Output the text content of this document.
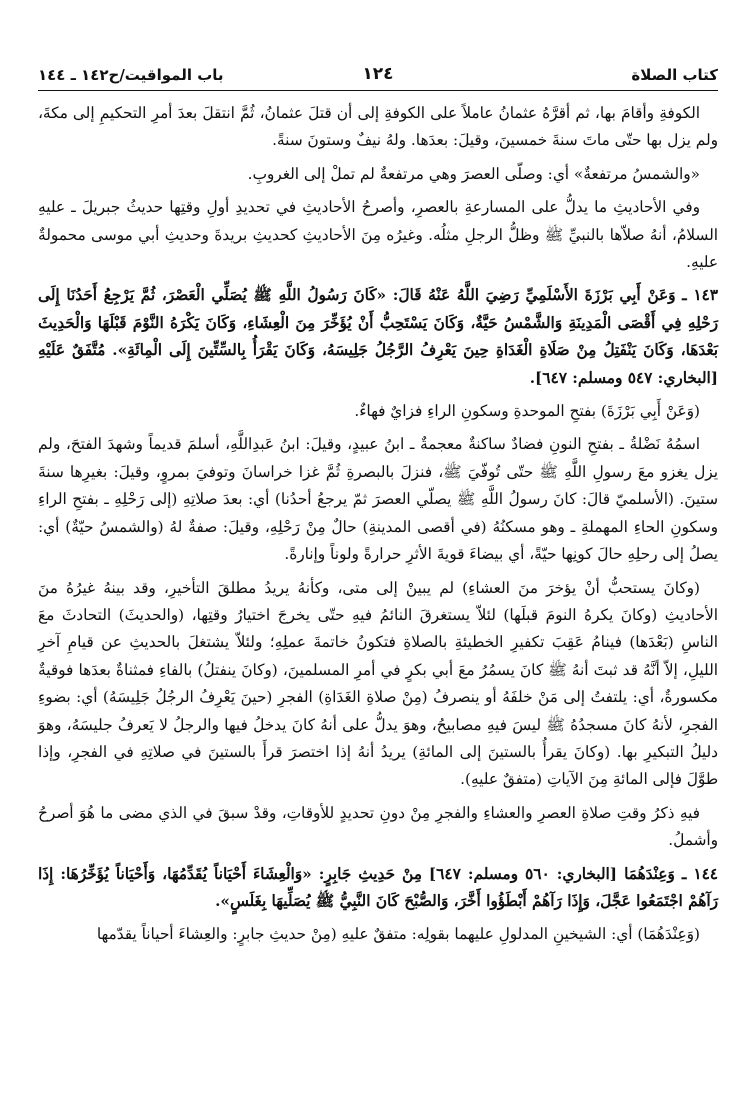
كتاب الصلاة
١٢٤
باب المواقيت/ح١٤٢ ـ ١٤٤

الكوفةِ وأقامَ بها، ثم أقرَّهُ عثمانُ عاملاً على الكوفةِ إلى أن قتلَ عثمانُ، ثُمَّ انتقلَ بعدَ أمرِ التحكيمِ إلى مكةَ، ولم يزل بها حتّى ماتَ سنةَ خمسينَ، وقيلَ: بعدَها. ولهُ نيفٌ وستونَ سنةً.

«والشمسُ مرتفعةٌ» أي: وصلّى العصرَ وهي مرتفعةٌ لم تملْ إلى الغروبِ.

وفي الأحاديثِ ما يدلُّ على المسارعةِ بالعصرِ، وأصرحُ الأحاديثِ في تحديدِ أولِ وقتِها حديثُ جبريلَ ـ عليهِ السلامُ، أنهُ صلاّها بالنبيِّ ﷺ وظلُّ الرجلِ مثلُه. وغيرُه مِنَ الأحاديثِ كحديثِ بريدةَ وحديثِ أبي موسى محمولةٌ عليهِ.

١٤٣ ـ وَعَنْ أَبِي بَرْزَةَ الأَسْلَمِيِّ رَضِيَ اللَّهُ عَنْهُ قَالَ: «كَانَ رَسُولُ اللَّهِ ﷺ يُصَلِّي الْعَصْرَ، ثُمَّ يَرْجِعُ أَحَدُنَا إِلَى رَحْلِهِ فِي أَقْصَى الْمَدِينَةِ وَالشَّمْسُ حَيَّةٌ، وَكَانَ يَسْتَحِبُّ أَنْ يُؤَخِّرَ مِنَ الْعِشَاءِ، وَكَانَ يَكْرَهُ النَّوْمَ قَبْلَهَا وَالْحَدِيثَ بَعْدَهَا، وَكَانَ يَنْفَتِلُ مِنْ صَلَاةِ الْغَدَاةِ حِينَ يَعْرِفُ الرَّجُلُ جَلِيسَهُ، وَكَانَ يَقْرَأُ بِالسِّتِّينَ إِلَى الْمِائَةِ». مُتَّفَقٌ عَلَيْهِ [البخاري: ٥٤٧ ومسلم: ٦٤٧].

(وَعَنْ أَبِي بَرْزَةَ) بفتحِ الموحدةِ وسكونِ الراءِ فزايٌ فهاءٌ.

اسمُهُ نَضْلةُ ـ بفتحِ النونِ فضادٌ ساكنةٌ معجمةٌ ـ ابنُ عبيدٍ، وقيلَ: ابنُ عَبدِاللَّهِ، أسلمَ قديماً وشهدَ الفتحَ، ولم يزل يغزو معَ رسولِ اللَّهِ ﷺ حتّى تُوفّيَ ﷺ، فنزلَ بالبصرةِ ثُمَّ غزا خراسانَ وتوفيَ بمروٍ، وقيلَ: بغيرِها سنةَ ستينَ. (الأسلميّ قالَ: كانَ رسولُ اللَّهِ ﷺ يصلّي العصرَ ثمّ يرجعُ أحدُنا) أي: بعدَ صلاتِهِ (إلى رَحْلِهِ ـ بفتحِ الراءِ وسكونِ الحاءِ المهملةِ ـ وهو مسكنُهُ (في أقصى المدينةِ) حالٌ مِنْ رَحْلِهِ، وقيلَ: صفةٌ لهُ (والشمسُ حيّةٌ) أي: يصلُ إلى رحلِهِ حالَ كونِها حيّةً، أي بيضاءَ قويةَ الأثرِ حرارةً ولوناً وإنارةً.

(وكانَ يستحبُّ أنْ يؤخرَ منَ العشاءِ) لم يبينْ إلى متى، وكأنهُ يريدُ مطلقَ التأخيرِ، وقد بينهُ غيرُهُ منَ الأحاديثِ (وكانَ يكرهُ النومَ قبلَها) لئلاّ يستغرقَ النائمُ فيهِ حتّى يخرجَ اختيارُ وقتِها، (والحديثَ) التحادثَ معَ الناسِ (بَعْدَها) فينامُ عَقِبَ تكفيرِ الخطيئةِ بالصلاةِ فتكونُ خاتمةَ عملِهِ؛ ولئلاّ يشتغلَ بالحديثِ عن قيامِ آخرِ الليلِ، إلاّ أنَّهُ قد ثبتَ أنهُ ﷺ كانَ يسمُرُ معَ أبي بكرٍ في أمرِ المسلمينَ، (وكانَ ينفتلُ) بالفاءِ فمثناةٌ بعدَها فوقيةٌ مكسورةٌ، أي: يلتفتُ إلى مَنْ خلفَهُ أو ينصرفُ (مِنْ صلاةِ الغَدَاةِ) الفجرِ (حينَ يَعْرِفُ الرجُلُ جَلِيسَهُ) أي: بضوءِ الفجرِ، لأنهُ كانَ مسجدُهُ ﷺ ليسَ فيهِ مصابيحُ، وهوَ يدلُّ على أنهُ كانَ يدخلُ فيها والرجلُ لا يَعرفُ جليسَهُ، وهوَ دليلُ التبكيرِ بها. (وكانَ يقرأُ بالستينَ إلى المائةِ) يريدُ أنهُ إذا اختصرَ قرأَ بالستينَ في صلاتِهِ في الفجرِ، وإذا طوَّلَ فإلى المائةِ مِنَ الآياتِ (متفقٌ عليهِ).

فيهِ ذكرُ وقتِ صلاةِ العصرِ والعشاءِ والفجرِ مِنْ دونِ تحديدٍ للأوقاتِ، وقدْ سبقَ في الذي مضى ما هُوَ أصرحُ وأشملُ.

١٤٤ ـ وَعِنْدَهُمَا [البخاري: ٥٦٠ ومسلم: ٦٤٧] مِنْ حَدِيثِ جَابِرٍ: «وَالْعِشَاءَ أَحْيَاناً يُقَدِّمُهَا، وَأَحْيَاناً يُؤَخِّرُهَا: إِذَا رَآهُمْ اجْتَمَعُوا عَجَّلَ، وَإِذَا رَآهُمْ أَبْطَؤُوا أَخَّرَ، وَالصُّبْحَ كَانَ النَّبِيُّ ﷺ يُصَلِّيهَا بِغَلَسٍ».

(وَعِنْدَهُمَا) أي: الشيخينِ المدلولِ عليهما بقولِه: متفقٌ عليهِ (مِنْ حديثِ جابرٍ: والعِشاءَ أحياناً يقدّمها
